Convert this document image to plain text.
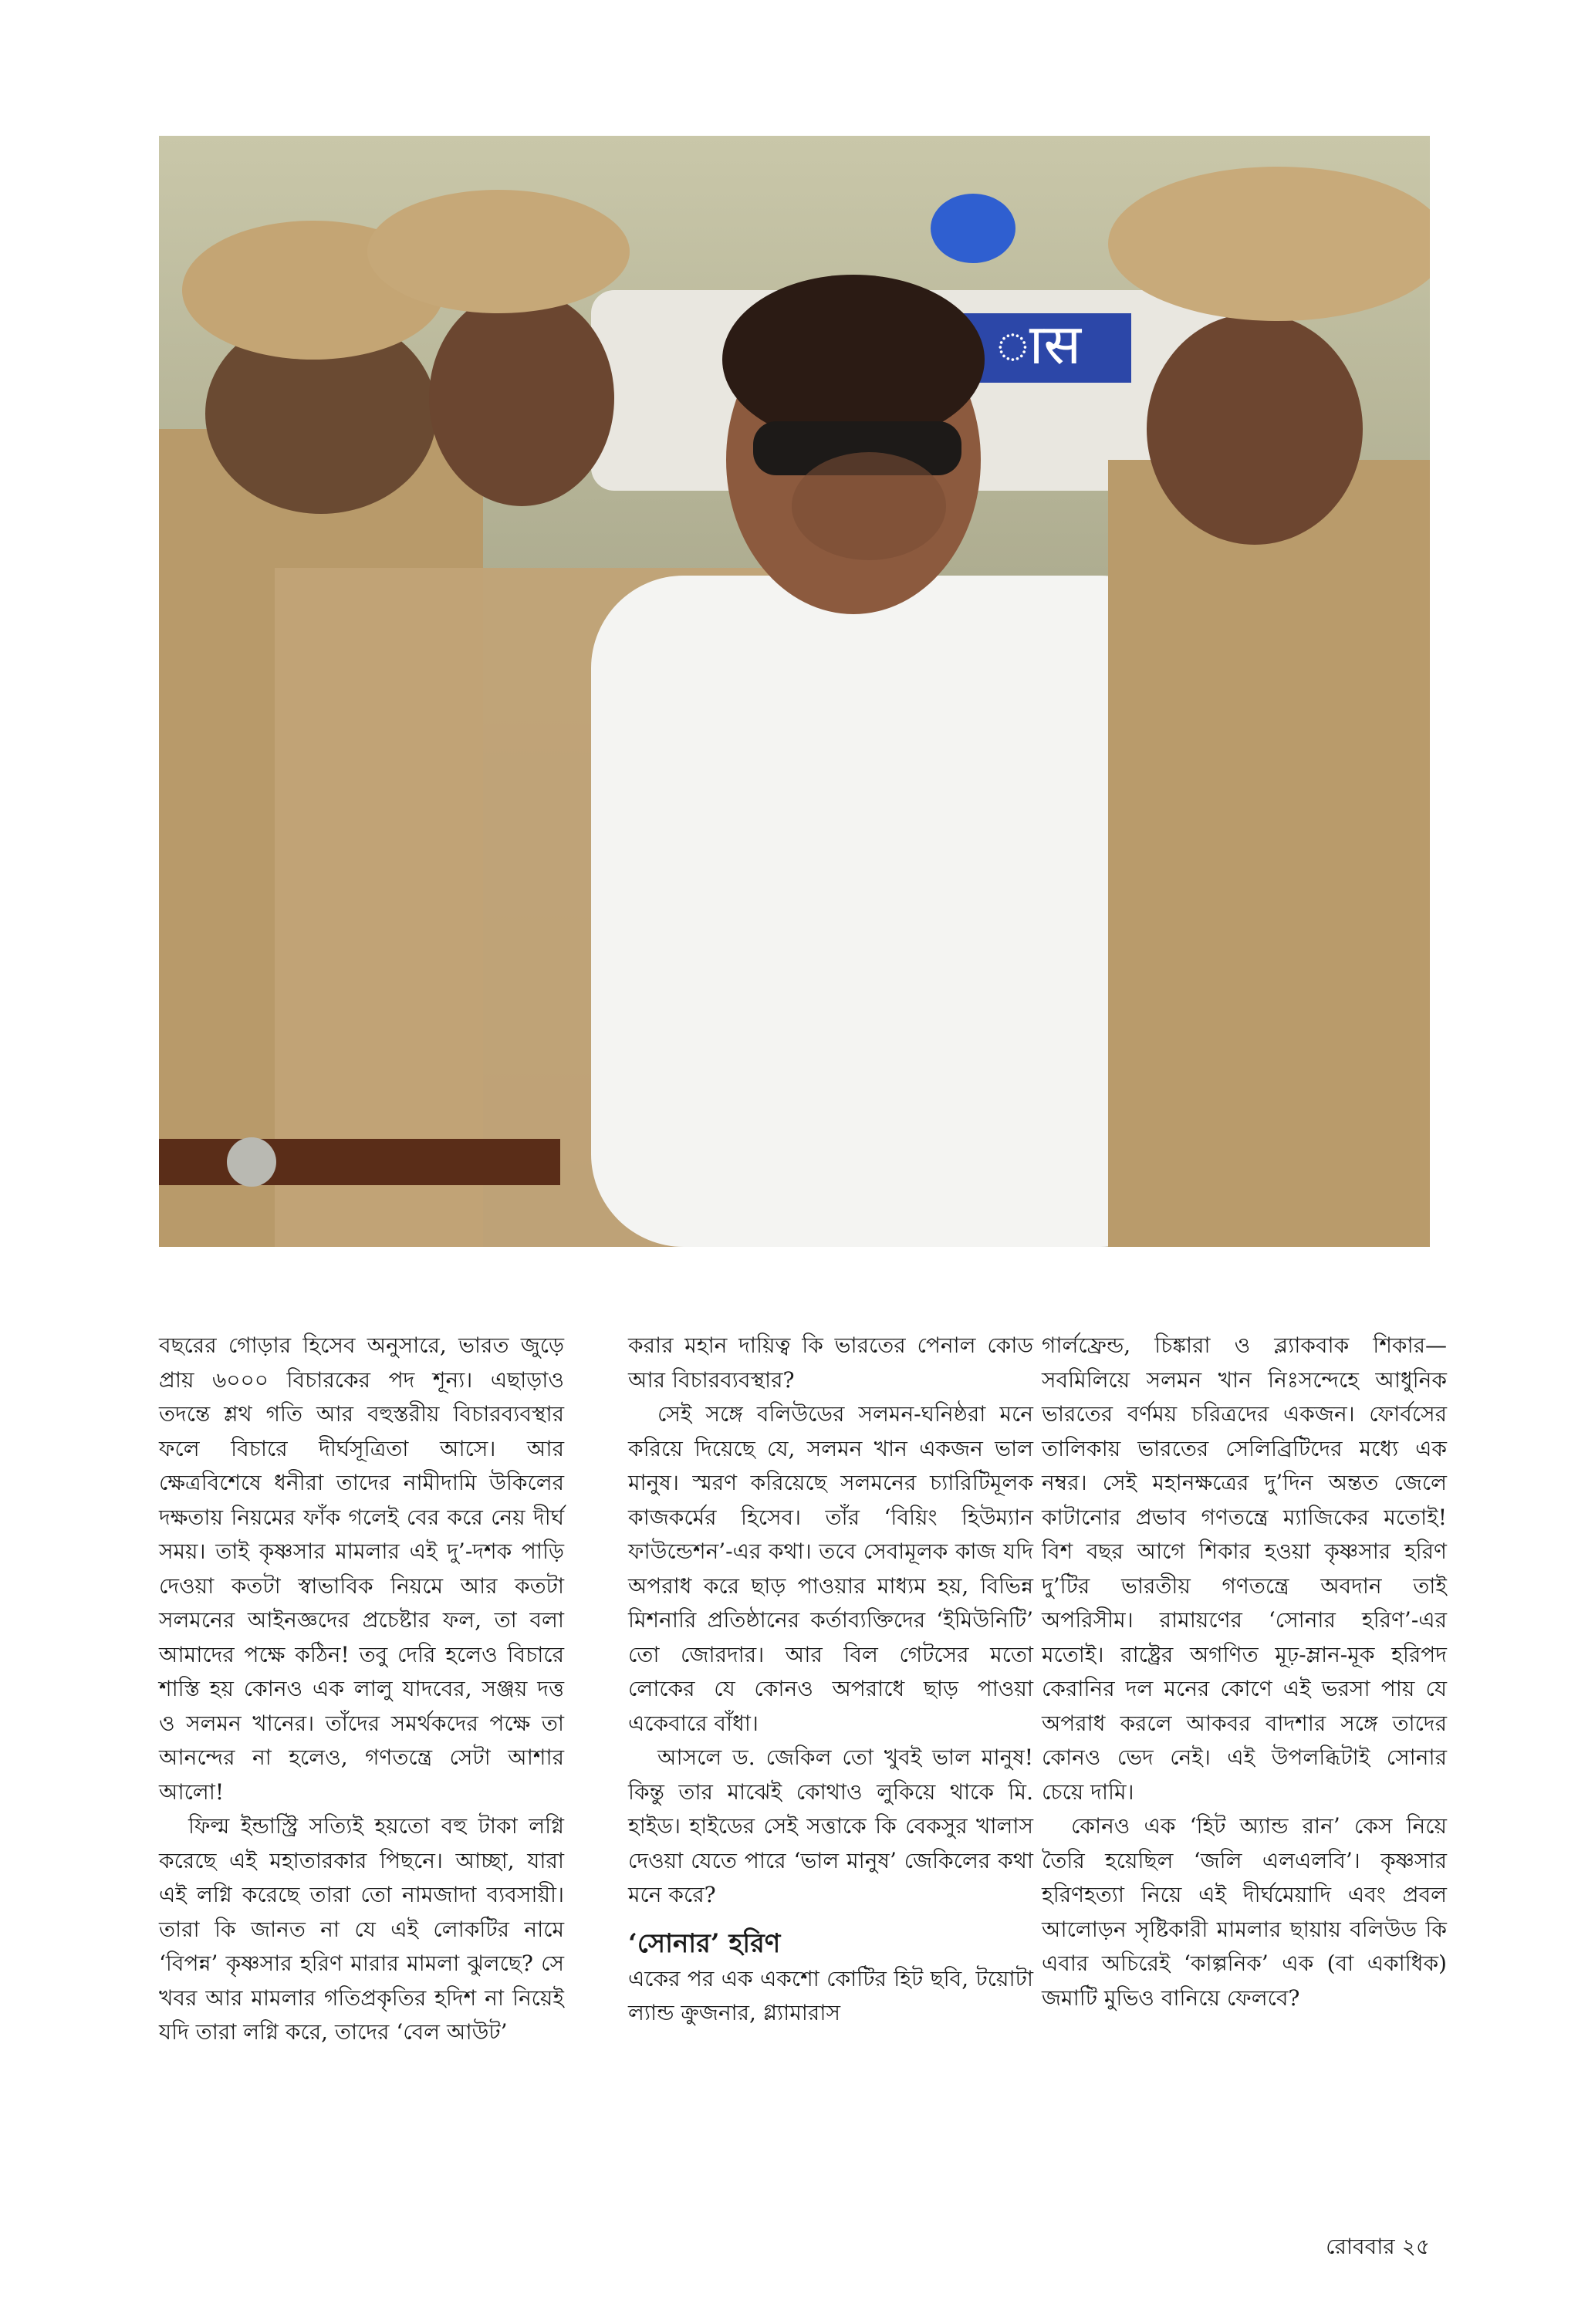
ास

বছরের গোড়ার হিসেব অনুসারে, ভারত জুড়ে প্রায় ৬০০০ বিচারকের পদ শূন্য। এছাড়াও তদন্তে শ্লথ গতি আর বহুস্তরীয় বিচারব্যবস্থার ফলে বিচারে দীর্ঘসূত্রিতা আসে। আর ক্ষেত্রবিশেষে ধনীরা তাদের নামীদামি উকিলের দক্ষতায় নিয়মের ফাঁক গলেই বের করে নেয় দীর্ঘ সময়। তাই কৃষ্ণসার মামলার এই দু’-দশক পাড়ি দেওয়া কতটা স্বাভাবিক নিয়মে আর কতটা সলমনের আইনজ্ঞদের প্রচেষ্টার ফল, তা বলা আমাদের পক্ষে কঠিন! তবু দেরি হলেও বিচারে শাস্তি হয় কোনও এক লালু যাদবের, সঞ্জয় দত্ত ও সলমন খানের। তাঁদের সমর্থকদের পক্ষে তা আনন্দের না হলেও, গণতন্ত্রে সেটা আশার আলো!

ফিল্ম ইন্ডাস্ট্রি সত্যিই হয়তো বহু টাকা লগ্নি করেছে এই মহাতারকার পিছনে। আচ্ছা, যারা এই লগ্নি করেছে তারা তো নামজাদা ব্যবসায়ী। তারা কি জানত না যে এই লোকটির নামে ‘বিপন্ন’ কৃষ্ণসার হরিণ মারার মামলা ঝুলছে? সে খবর আর মামলার গতিপ্রকৃতির হদিশ না নিয়েই যদি তারা লগ্নি করে, তাদের ‘বেল আউট’

করার মহান দায়িত্ব কি ভারতের পেনাল কোড আর বিচারব্যবস্থার?

সেই সঙ্গে বলিউডের সলমন-ঘনিষ্ঠরা মনে করিয়ে দিয়েছে যে, সলমন খান একজন ভাল মানুষ। স্মরণ করিয়েছে সলমনের চ্যারিটিমূলক কাজকর্মের হিসেব। তাঁর ‘বিয়িং হিউম্যান ফাউন্ডেশন’-এর কথা। তবে সেবামূলক কাজ যদি অপরাধ করে ছাড় পাওয়ার মাধ্যম হয়, বিভিন্ন মিশনারি প্রতিষ্ঠানের কর্তাব্যক্তিদের ‘ইমিউনিটি’ তো জোরদার। আর বিল গেটসের মতো লোকের যে কোনও অপরাধে ছাড় পাওয়া একেবারে বাঁধা।

আসলে ড. জেকিল তো খুবই ভাল মানুষ! কিন্তু তার মাঝেই কোথাও লুকিয়ে থাকে মি. হাইড। হাইডের সেই সত্তাকে কি বেকসুর খালাস দেওয়া যেতে পারে ‘ভাল মানুষ’ জেকিলের কথা মনে করে?

‘সোনার’ হরিণ

একের পর এক একশো কোটির হিট ছবি, টয়োটা ল্যান্ড ক্রুজনার, গ্ল্যামারাস

গার্লফ্রেন্ড, চিঙ্কারা ও ব্ল্যাকবাক শিকার— সবমিলিয়ে সলমন খান নিঃসন্দেহে আধুনিক ভারতের বর্ণময় চরিত্রদের একজন। ফোর্বসের তালিকায় ভারতের সেলিব্রিটিদের মধ্যে এক নম্বর। সেই মহানক্ষত্রের দু’দিন অন্তত জেলে কাটানোর প্রভাব গণতন্ত্রে ম্যাজিকের মতোই! বিশ বছর আগে শিকার হওয়া কৃষ্ণসার হরিণ দু’টির ভারতীয় গণতন্ত্রে অবদান তাই অপরিসীম। রামায়ণের ‘সোনার হরিণ’-এর মতোই। রাষ্ট্রের অগণিত মূঢ়-ম্লান-মূক হরিপদ কেরানির দল মনের কোণে এই ভরসা পায় যে অপরাধ করলে আকবর বাদশার সঙ্গে তাদের কোনও ভেদ নেই। এই উপলব্ধিটাই সোনার চেয়ে দামি।

কোনও এক ‘হিট অ্যান্ড রান’ কেস নিয়ে তৈরি হয়েছিল ‘জলি এলএলবি’। কৃষ্ণসার হরিণহত্যা নিয়ে এই দীর্ঘমেয়াদি এবং প্রবল আলোড়ন সৃষ্টিকারী মামলার ছায়ায় বলিউড কি এবার অচিরেই ‘কাল্পনিক’ এক (বা একাধিক) জমাটি মুভিও বানিয়ে ফেলবে?

রোববার ২৫
